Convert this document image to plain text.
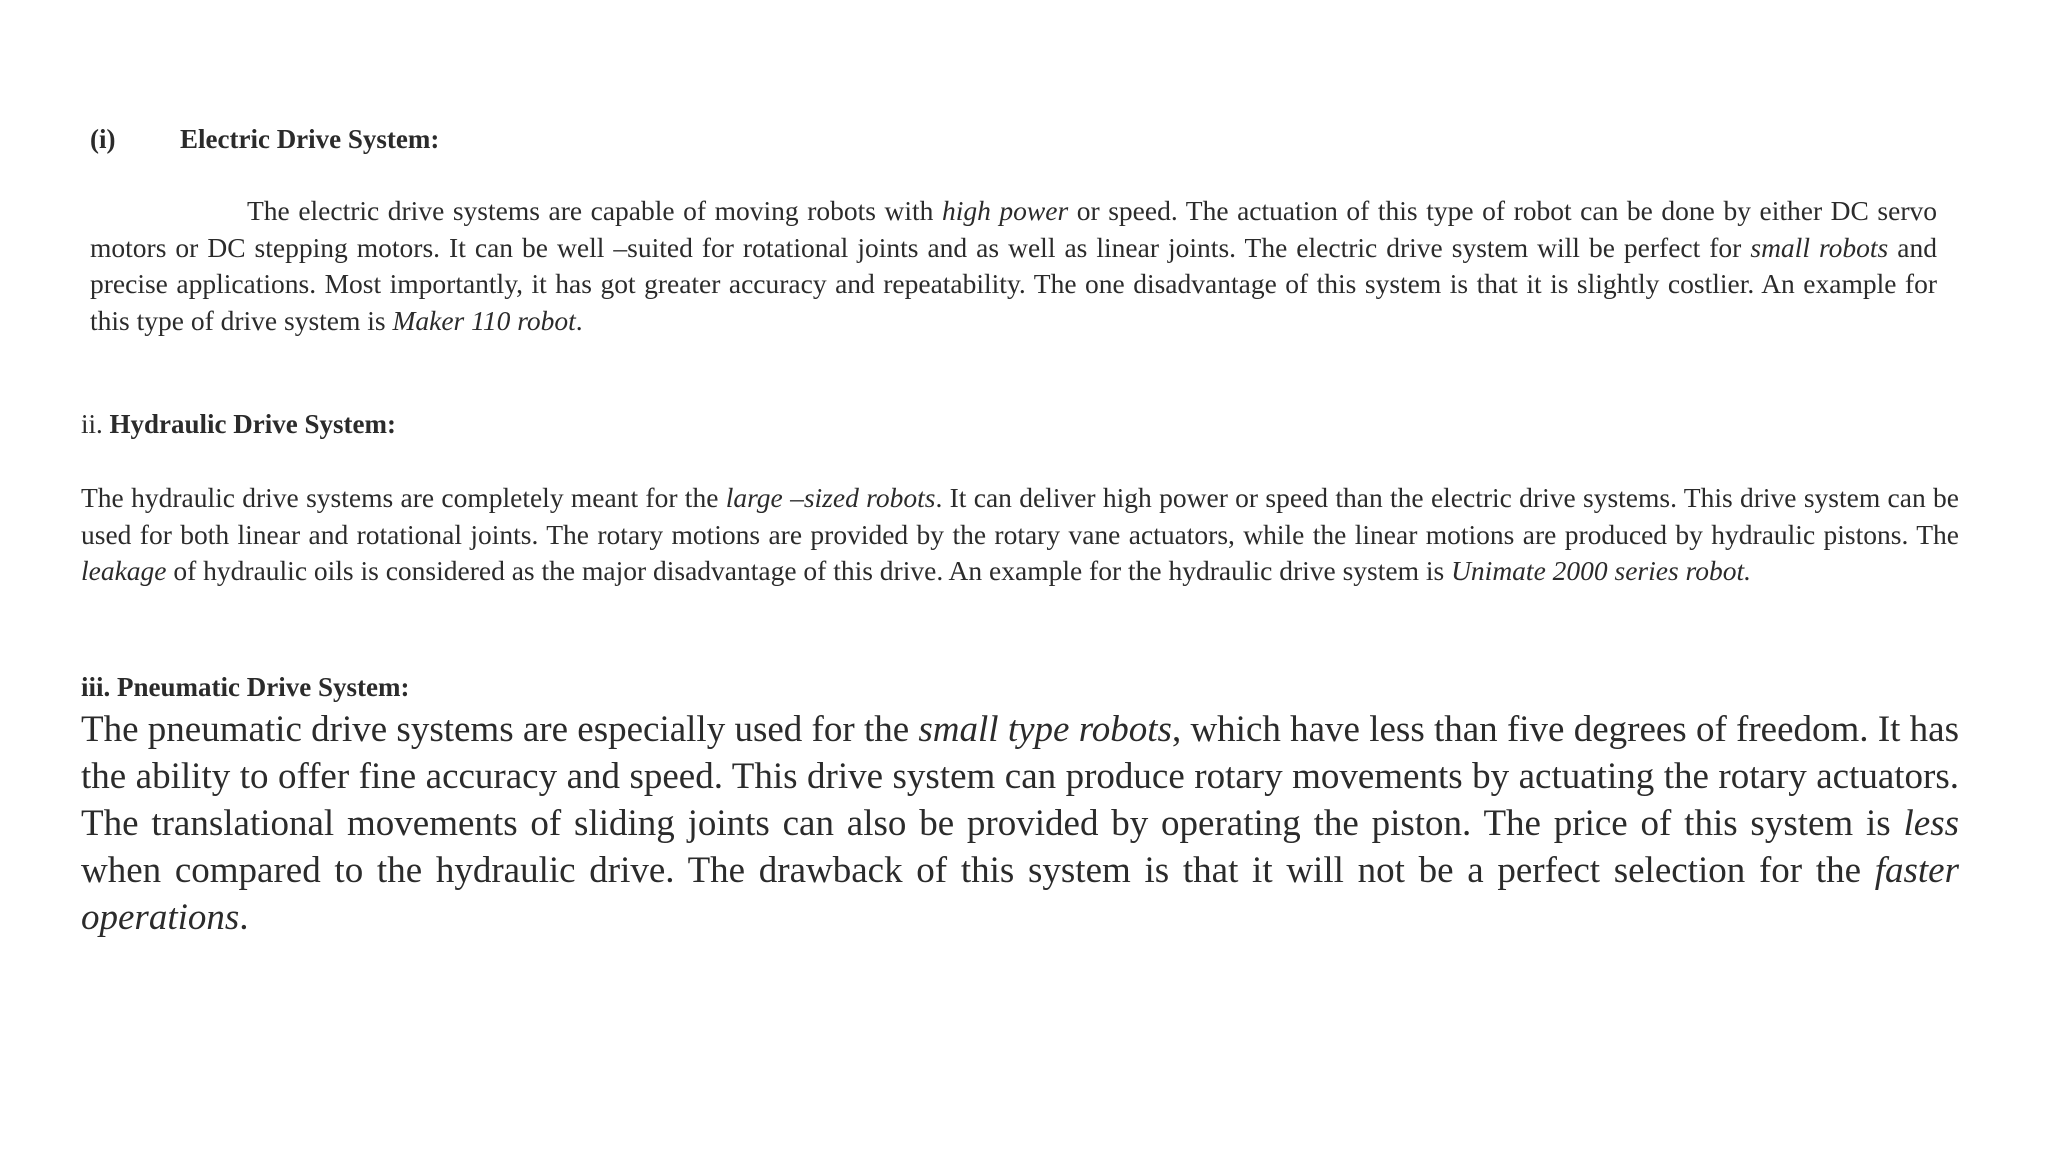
(i) Electric Drive System:

The electric drive systems are capable of moving robots with high power or speed. The actuation of this type of robot can be done by either DC servo motors or DC stepping motors. It can be well –suited for rotational joints and as well as linear joints. The electric drive system will be perfect for small robots and precise applications. Most importantly, it has got greater accuracy and repeatability. The one disadvantage of this system is that it is slightly costlier. An example for this type of drive system is Maker 110 robot.

ii. Hydraulic Drive System:

The hydraulic drive systems are completely meant for the large –sized robots. It can deliver high power or speed than the electric drive systems. This drive system can be used for both linear and rotational joints. The rotary motions are provided by the rotary vane actuators, while the linear motions are produced by hydraulic pistons. The leakage of hydraulic oils is considered as the major disadvantage of this drive. An example for the hydraulic drive system is Unimate 2000 series robot.

iii. Pneumatic Drive System:

The pneumatic drive systems are especially used for the small type robots, which have less than five degrees of freedom. It has the ability to offer fine accuracy and speed. This drive system can produce rotary movements by actuating the rotary actuators. The translational movements of sliding joints can also be provided by operating the piston. The price of this system is less when compared to the hydraulic drive. The drawback of this system is that it will not be a perfect selection for the faster operations.
